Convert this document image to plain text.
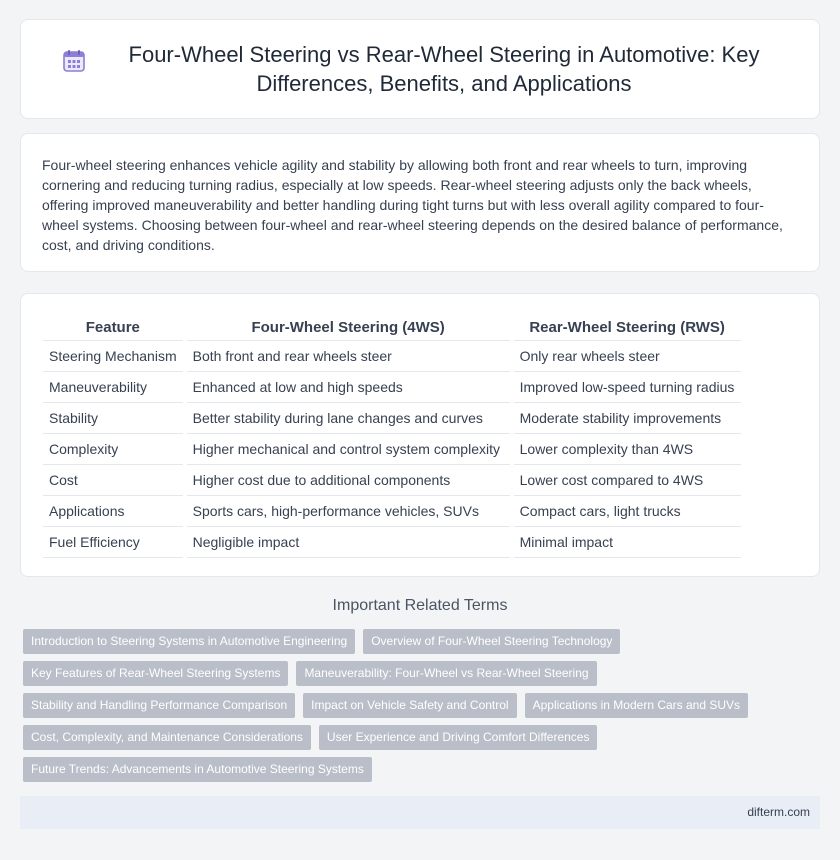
Four-Wheel Steering vs Rear-Wheel Steering in Automotive: Key Differences, Benefits, and Applications

Four-wheel steering enhances vehicle agility and stability by allowing both front and rear wheels to turn, improving cornering and reducing turning radius, especially at low speeds. Rear-wheel steering adjusts only the back wheels, offering improved maneuverability and better handling during tight turns but with less overall agility compared to four-wheel systems. Choosing between four-wheel and rear-wheel steering depends on the desired balance of performance, cost, and driving conditions.

Feature	Four-Wheel Steering (4WS)	Rear-Wheel Steering (RWS)
Steering Mechanism	Both front and rear wheels steer	Only rear wheels steer
Maneuverability	Enhanced at low and high speeds	Improved low-speed turning radius
Stability	Better stability during lane changes and curves	Moderate stability improvements
Complexity	Higher mechanical and control system complexity	Lower complexity than 4WS
Cost	Higher cost due to additional components	Lower cost compared to 4WS
Applications	Sports cars, high-performance vehicles, SUVs	Compact cars, light trucks
Fuel Efficiency	Negligible impact	Minimal impact
Important Related Terms
Introduction to Steering Systems in Automotive Engineering	Overview of Four-Wheel Steering Technology
Key Features of Rear-Wheel Steering Systems	Maneuverability: Four-Wheel vs Rear-Wheel Steering
Stability and Handling Performance Comparison	Impact on Vehicle Safety and Control	Applications in Modern Cars and SUVs
Cost, Complexity, and Maintenance Considerations	User Experience and Driving Comfort Differences
Future Trends: Advancements in Automotive Steering Systems
difterm.com
